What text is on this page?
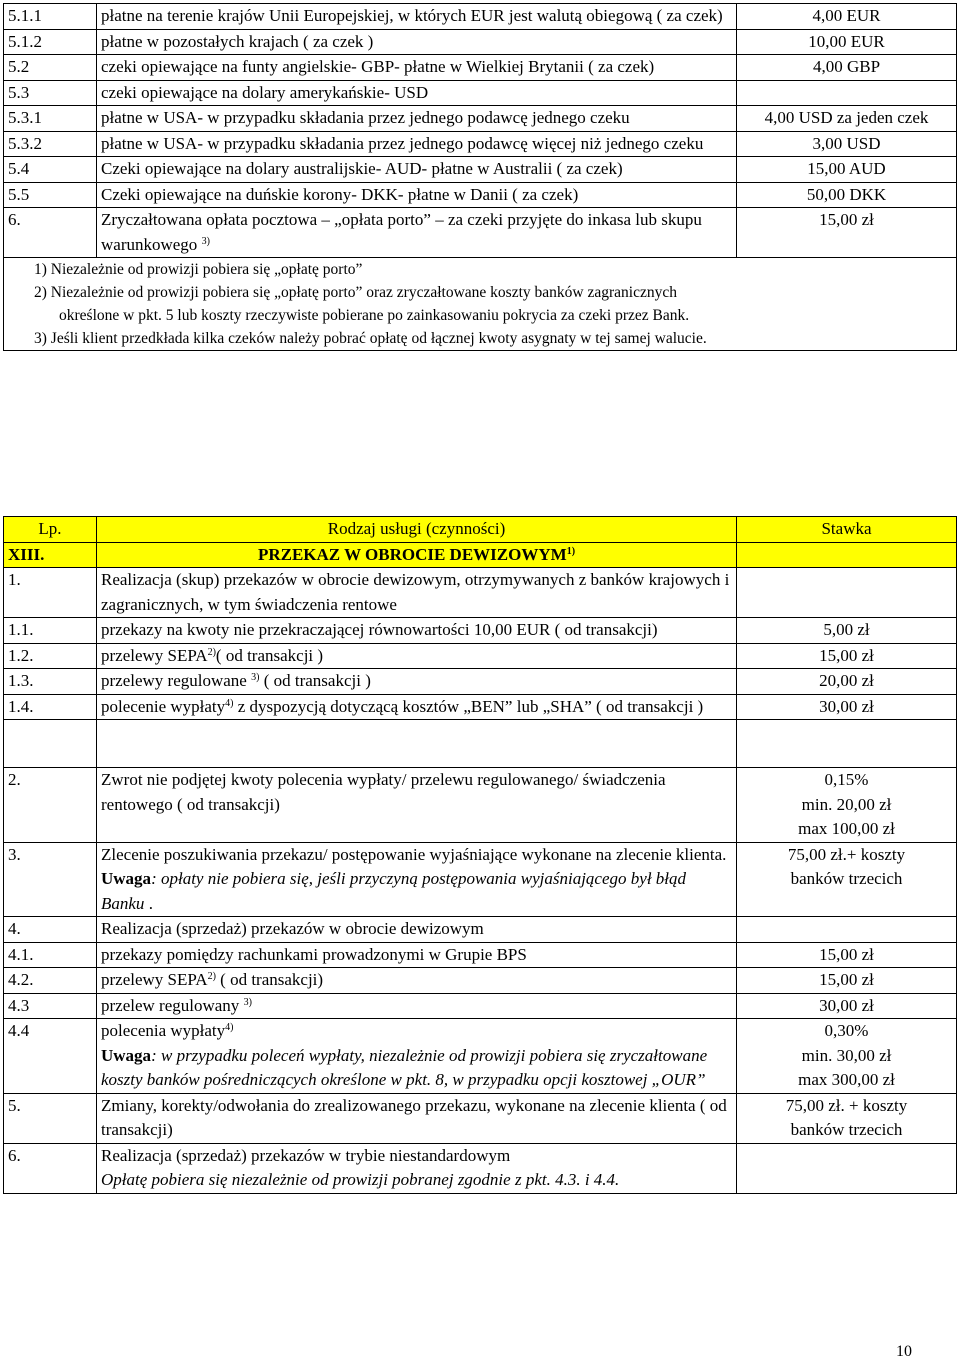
5.1.1	płatne na terenie krajów Unii Europejskiej, w których EUR jest walutą obiegową ( za czek)	4,00 EUR
5.1.2	płatne w pozostałych krajach ( za czek )	10,00 EUR
5.2	czeki opiewające na funty angielskie- GBP- płatne w Wielkiej Brytanii ( za czek)	4,00 GBP
5.3	czeki opiewające na dolary amerykańskie- USD	
5.3.1	płatne w USA- w przypadku składania przez jednego podawcę jednego czeku	4,00 USD za jeden czek
5.3.2	płatne w USA- w przypadku składania przez jednego podawcę więcej niż jednego czeku	3,00 USD
5.4	Czeki opiewające na dolary australijskie- AUD- płatne w Australii ( za czek)	15,00 AUD
5.5	Czeki opiewające na duńskie korony- DKK- płatne w Danii ( za czek)	50,00 DKK
6.	Zryczałtowana opłata pocztowa – „opłata porto” – za czeki przyjęte do inkasa lub skupu warunkowego $^{3)}$	15,00 zł
1) Niezależnie od prowizji pobiera się „opłatę porto”
2) Niezależnie od prowizji pobiera się „opłatę porto” oraz zryczałtowane koszty banków zagranicznych
określone w pkt. 5 lub koszty rzeczywiste pobierane po zainkasowaniu pokrycia za czeki przez Bank.
3) Jeśli klient przedkłada kilka czeków należy pobrać opłatę od łącznej kwoty asygnaty w tej samej walucie.		
Lp.	Rodzaj usługi (czynności)	Stawka
XIII.	PRZEKAZ W OBROCIE DEWIZOWYM$^{1)}$	
1.	Realizacja (skup) przekazów w obrocie dewizowym, otrzymywanych z banków krajowych i zagranicznych, w tym świadczenia rentowe	
1.1.	przekazy na kwoty nie przekraczającej równowartości 10,00 EUR ( od transakcji)	5,00 zł
1.2.	przelewy SEPA$^{2)}$( od transakcji )	15,00 zł
1.3.	przelewy regulowane $^{3)}$ ( od transakcji )	20,00 zł
1.4.	polecenie wypłaty$^{4)}$ z dyspozycją dotyczącą kosztów „BEN” lub „SHA” ( od transakcji )	30,00 zł

2.	Zwrot nie podjętej kwoty polecenia wypłaty/ przelewu regulowanego/ świadczenia rentowego ( od transakcji)	0,15%
min. 20,00 zł
max 100,00 zł
3.	Zlecenie poszukiwania przekazu/ postępowanie wyjaśniające wykonane na zlecenie klienta.
Uwaga: opłaty nie pobiera się, jeśli przyczyną postępowania wyjaśniającego był błąd Banku .	75,00 zł.+ koszty
banków trzecich
4.	Realizacja (sprzedaż) przekazów w obrocie dewizowym	
4.1.	przekazy pomiędzy rachunkami prowadzonymi w Grupie BPS	15,00 zł
4.2.	przelewy SEPA$^{2)}$ ( od transakcji)	15,00 zł
4.3	przelew regulowany $^{3)}$	30,00 zł
4.4	polecenia wypłaty$^{4)}$
Uwaga: w przypadku poleceń wypłaty, niezależnie od prowizji pobiera się zryczałtowane koszty banków pośredniczących określone w pkt. 8, w przypadku opcji kosztowej „OUR”	0,30%
min. 30,00 zł
max 300,00 zł
5.	Zmiany, korekty/odwołania do zrealizowanego przekazu, wykonane na zlecenie klienta ( od transakcji)	75,00 zł. + koszty
banków trzecich
6.	Realizacja (sprzedaż) przekazów w trybie niestandardowym
Opłatę pobiera się niezależnie od prowizji pobranej zgodnie z pkt. 4.3. i 4.4.	
10
